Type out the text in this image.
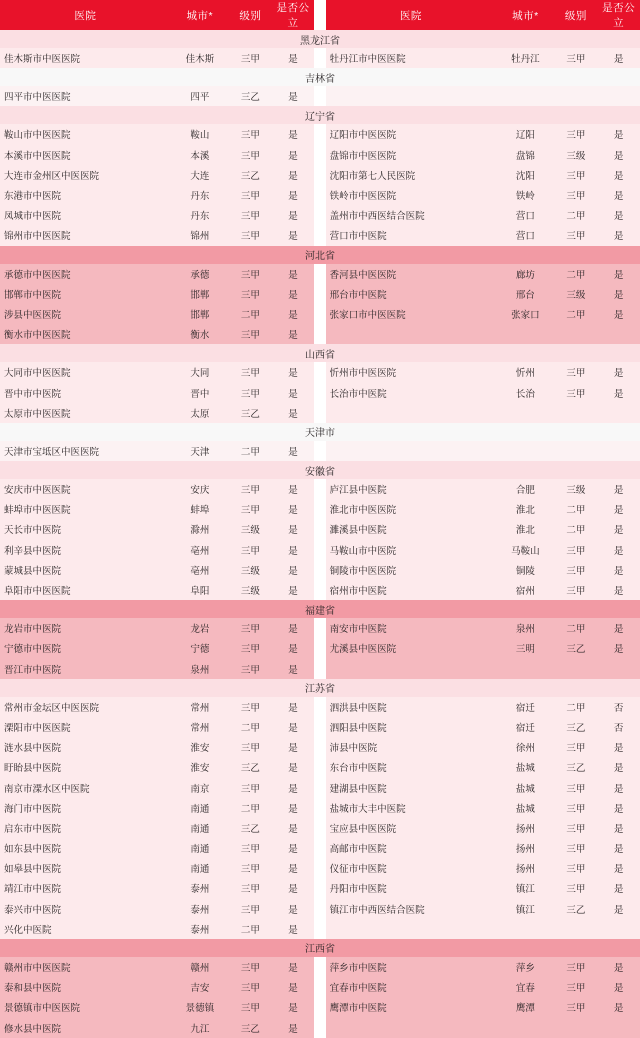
医院	城市*	级别	是否公立		医院	城市*	级别	是否公立
黑龙江省								
佳木斯市中医医院	佳木斯	三甲	是		牡丹江市中医医院	牡丹江	三甲	是
吉林省								
四平市中医医院	四平	三乙	是					
辽宁省								
鞍山市中医医院	鞍山	三甲	是		辽阳市中医医院	辽阳	三甲	是
本溪市中医医院	本溪	三甲	是		盘锦市中医医院	盘锦	三级	是
大连市金州区中医医院	大连	三乙	是		沈阳市第七人民医院	沈阳	三甲	是
东港市中医院	丹东	三甲	是		铁岭市中医医院	铁岭	三甲	是
凤城市中医院	丹东	三甲	是		盖州市中西医结合医院	营口	二甲	是
锦州市中医医院	锦州	三甲	是		营口市中医院	营口	三甲	是
河北省								
承德市中医医院	承德	三甲	是		香河县中医医院	廊坊	二甲	是
邯郸市中医院	邯郸	三甲	是		邢台市中医院	邢台	三级	是
涉县中医医院	邯郸	二甲	是		张家口市中医医院	张家口	二甲	是
衡水市中医医院	衡水	三甲	是					
山西省								
大同市中医医院	大同	三甲	是		忻州市中医医院	忻州	三甲	是
晋中市中医院	晋中	三甲	是		长治市中医院	长治	三甲	是
太原市中医医院	太原	三乙	是					
天津市								
天津市宝坻区中医医院	天津	二甲	是					
安徽省								
安庆市中医医院	安庆	三甲	是		庐江县中医院	合肥	三级	是
蚌埠市中医医院	蚌埠	三甲	是		淮北市中医医院	淮北	二甲	是
天长市中医院	滁州	三级	是		濉溪县中医院	淮北	二甲	是
利辛县中医院	亳州	三甲	是		马鞍山市中医院	马鞍山	三甲	是
蒙城县中医院	亳州	三级	是		铜陵市中医医院	铜陵	三甲	是
阜阳市中医医院	阜阳	三级	是		宿州市中医院	宿州	三甲	是
福建省								
龙岩市中医院	龙岩	三甲	是		南安市中医院	泉州	二甲	是
宁德市中医院	宁德	三甲	是		尤溪县中医医院	三明	三乙	是
晋江市中医院	泉州	三甲	是					
江苏省								
常州市金坛区中医医院	常州	三甲	是		泗洪县中医院	宿迁	二甲	否
溧阳市中医医院	常州	二甲	是		泗阳县中医院	宿迁	三乙	否
涟水县中医院	淮安	三甲	是		沛县中医院	徐州	三甲	是
盱眙县中医院	淮安	三乙	是		东台市中医院	盐城	三乙	是
南京市溧水区中医院	南京	三甲	是		建湖县中医院	盐城	三甲	是
海门市中医院	南通	二甲	是		盐城市大丰中医院	盐城	三甲	是
启东市中医院	南通	三乙	是		宝应县中医医院	扬州	三甲	是
如东县中医院	南通	三甲	是		高邮市中医院	扬州	三甲	是
如皋县中医院	南通	三甲	是		仪征市中医院	扬州	三甲	是
靖江市中医院	泰州	三甲	是		丹阳市中医院	镇江	三甲	是
泰兴市中医院	泰州	三甲	是		镇江市中西医结合医院	镇江	三乙	是
兴化中医院	泰州	二甲	是					
江西省								
赣州市中医医院	赣州	三甲	是		萍乡市中医院	萍乡	三甲	是
泰和县中医院	吉安	三甲	是		宜春市中医院	宜春	三甲	是
景德镇市中医医院	景德镇	三甲	是		鹰潭市中医院	鹰潭	三甲	是
修水县中医院	九江	三乙	是					
